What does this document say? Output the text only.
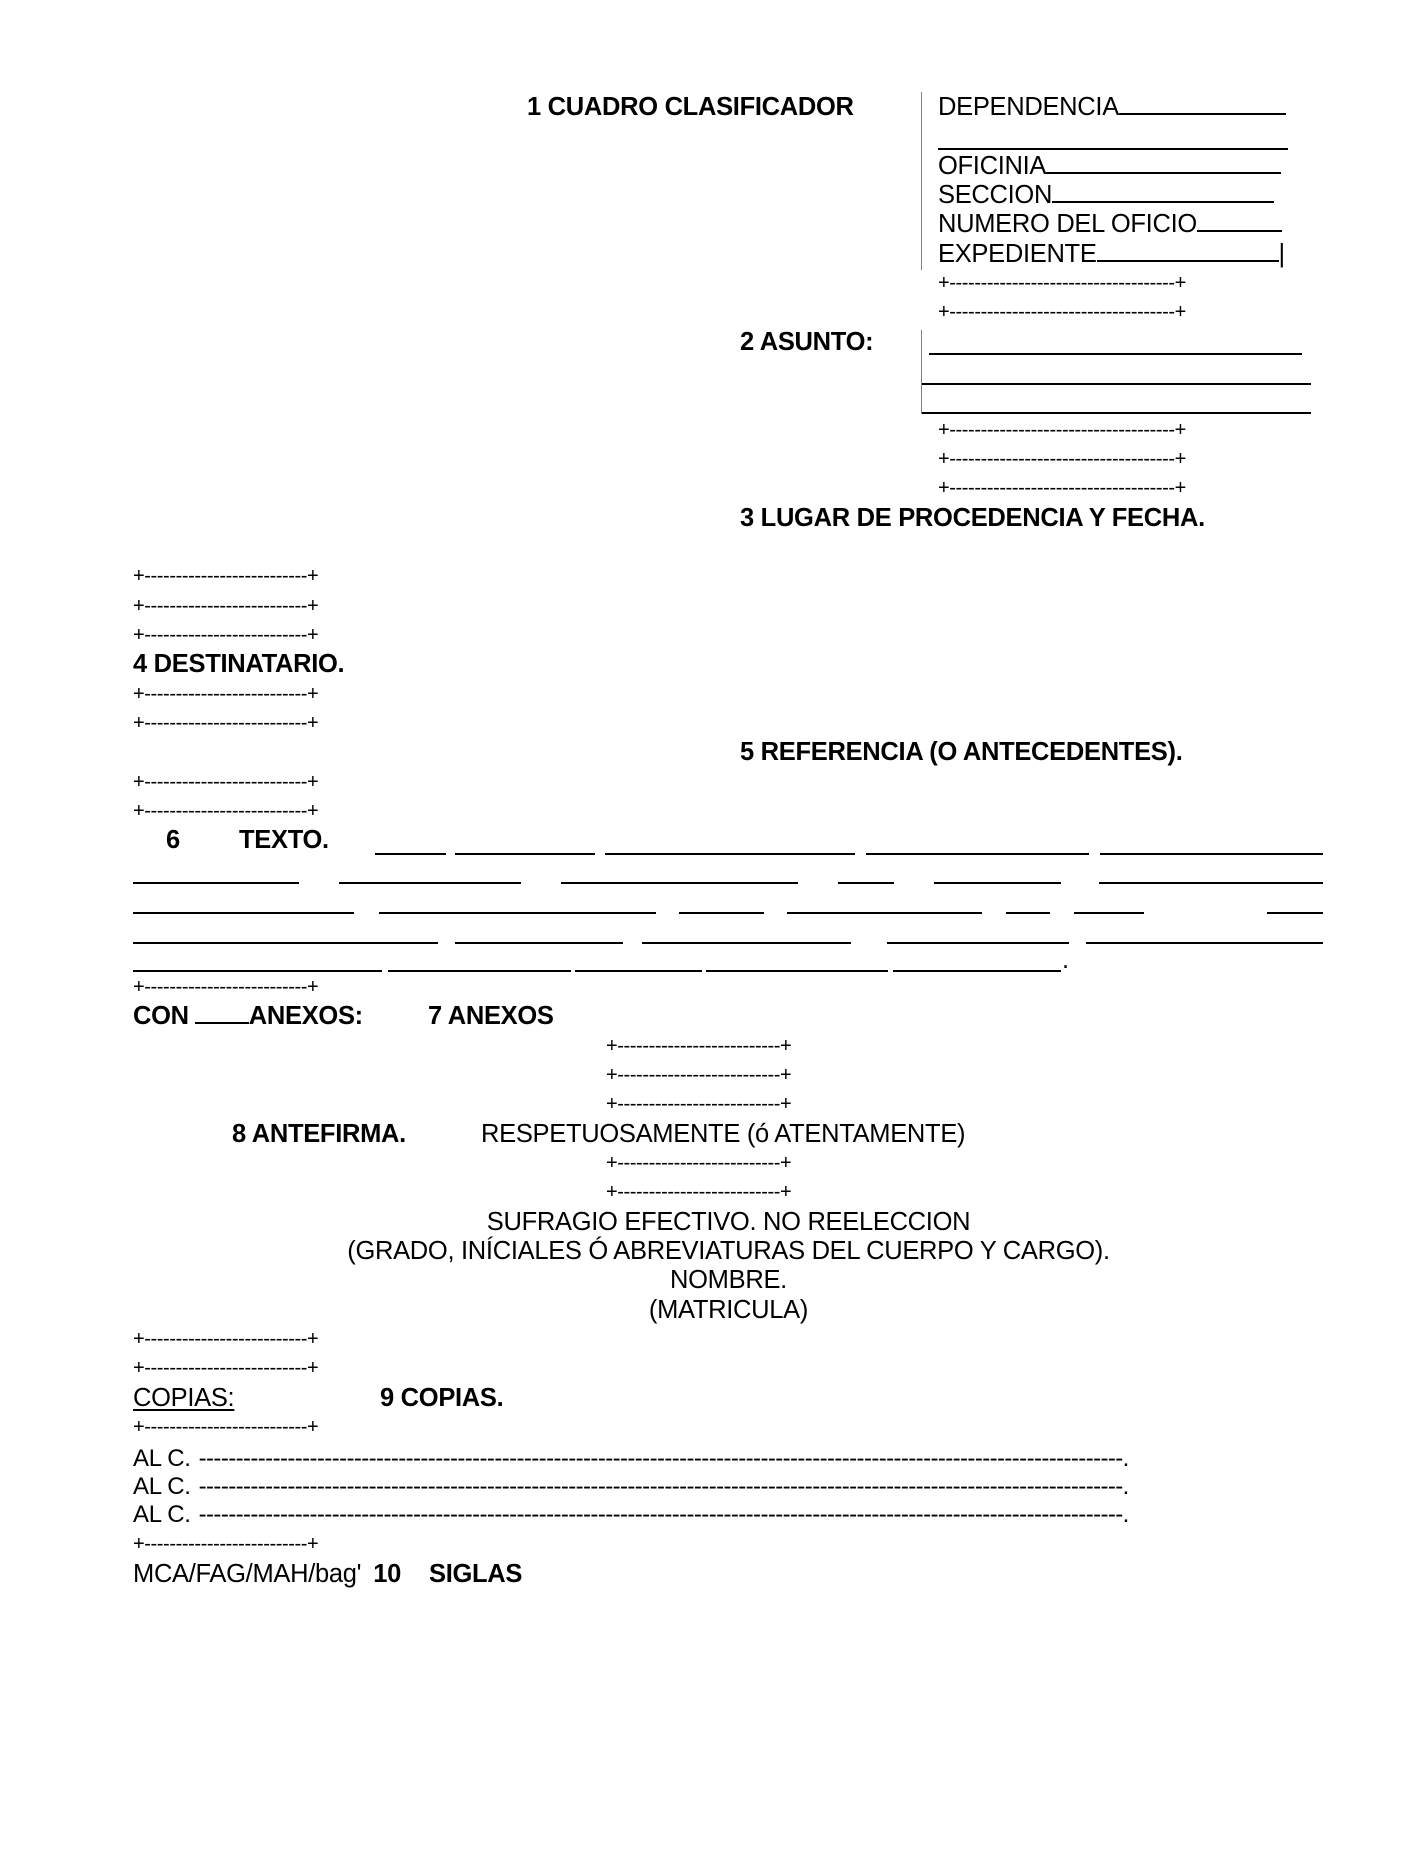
1 CUADRO CLASIFICADOR	DEPENDENCIA
OFICINIA
SECCION
NUMERO DEL OFICIO
EXPEDIENTE	|
+------------------------------------+
+------------------------------------+
2 ASUNTO:
+------------------------------------+
+------------------------------------+
+------------------------------------+
3 LUGAR DE PROCEDENCIA Y FECHA.
+--------------------------+
+--------------------------+
+--------------------------+
4 DESTINATARIO.
+--------------------------+
+--------------------------+
5 REFERENCIA (O ANTECEDENTES).
+--------------------------+
+--------------------------+
6 TEXTO.
.
+--------------------------+
CON ANEXOS:	7 ANEXOS
+--------------------------+
+--------------------------+
+--------------------------+
8 ANTEFIRMA.	RESPETUOSAMENTE (ó ATENTAMENTE)
+--------------------------+
+--------------------------+
SUFRAGIO EFECTIVO. NO REELECCION
(GRADO, INÍCIALES Ó ABREVIATURAS DEL CUERPO Y CARGO).
NOMBRE.
(MATRICULA)
+--------------------------+
+--------------------------+
COPIAS:	9 COPIAS.
+--------------------------+
AL C. -----------------------------------------------------------------------------------------------------------------------------.
AL C. -----------------------------------------------------------------------------------------------------------------------------.
AL C. -----------------------------------------------------------------------------------------------------------------------------.
+--------------------------+
MCA/FAG/MAH/bag' 10 SIGLAS
